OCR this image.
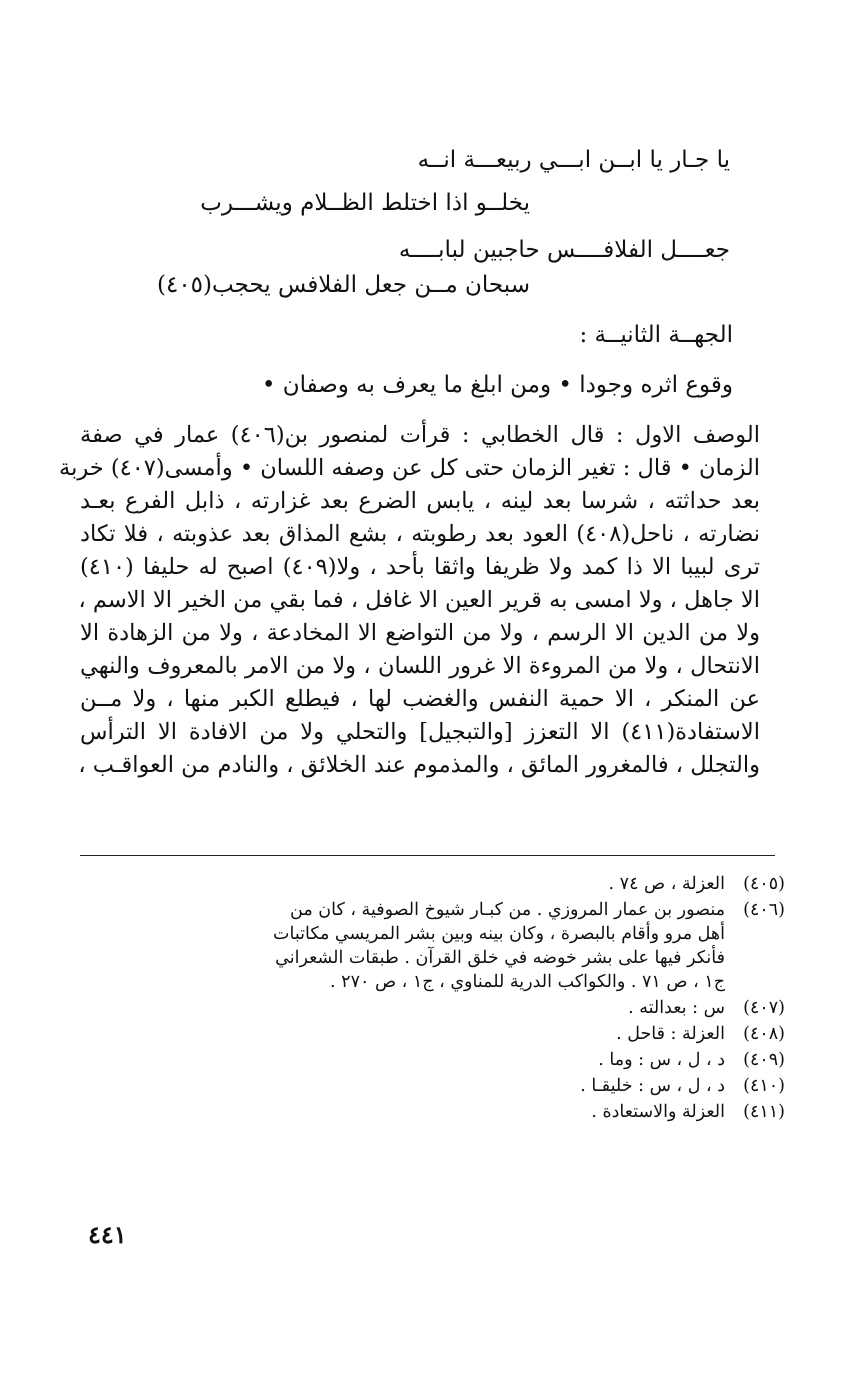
يا جـار يا ابــن ابـــي ربيعـــة انــه
يخلــو اذا اختلط الظــلام ويشـــرب
جعــــل الفلافــــس حاجبين لبابــــه
سبحان مــن جعل الفلافس يحجب(٤٠٥)
الجهــة الثانيــة :
وقوع اثره وجودا • ومن ابلغ ما يعرف به وصفان •
الوصف الاول : قال الخطابي : قرأت لمنصور بن(٤٠٦) عمار في صفة
الزمان • قال : تغير الزمان حتى كل عن وصفه اللسان • وأمسى(٤٠٧) خربة
بعد حداثته ، شرسا بعد لينه ، يابس الضرع بعد غزارته ، ذابل الفرع بعـد
نضارته ، ناحل(٤٠٨) العود بعد رطوبته ، بشع المذاق بعد عذوبته ، فلا تكاد
ترى لبيبا الا ذا كمد ولا ظريفا واثقا بأحد ، ولا(٤٠٩) اصبح له حليفا (٤١٠)
الا جاهل ، ولا امسى به قرير العين الا غافل ، فما بقي من الخير الا الاسم ،
ولا من الدين الا الرسم ، ولا من التواضع الا المخادعة ، ولا من الزهادة الا
الانتحال ، ولا من المروءة الا غرور اللسان ، ولا من الامر بالمعروف والنهي
عن المنكر ، الا حمية النفس والغضب لها ، فيطلع الكبر منها ، ولا مــن
الاستفادة(٤١١) الا التعزز [والتبجيل] والتحلي ولا من الافادة الا الترأس
والتجلل ، فالمغرور المائق ، والمذموم عند الخلائق ، والنادم من العواقـب ،
(٤٠٥)
العزلة ، ص ٧٤ .
(٤٠٦)
منصور بن عمار المروزي . من كبـار شيوخ الصوفية ، كان من
أهل مرو وأقام بالبصرة ، وكان بينه وبين بشر المريسي مكاتبات
فأنكر فيها على بشر خوضه في خلق القرآن . طبقات الشعراني
ج١ ، ص ٧١ . والكواكب الدرية للمناوي ، ج١ ، ص ٢٧٠ .
(٤٠٧)
س : بعدالته .
(٤٠٨)
العزلة : قاحل .
(٤٠٩)
د ، ل ، س : وما .
(٤١٠)
د ، ل ، س : خليقـا .
(٤١١)
العزلة والاستعادة .
٤٤١
